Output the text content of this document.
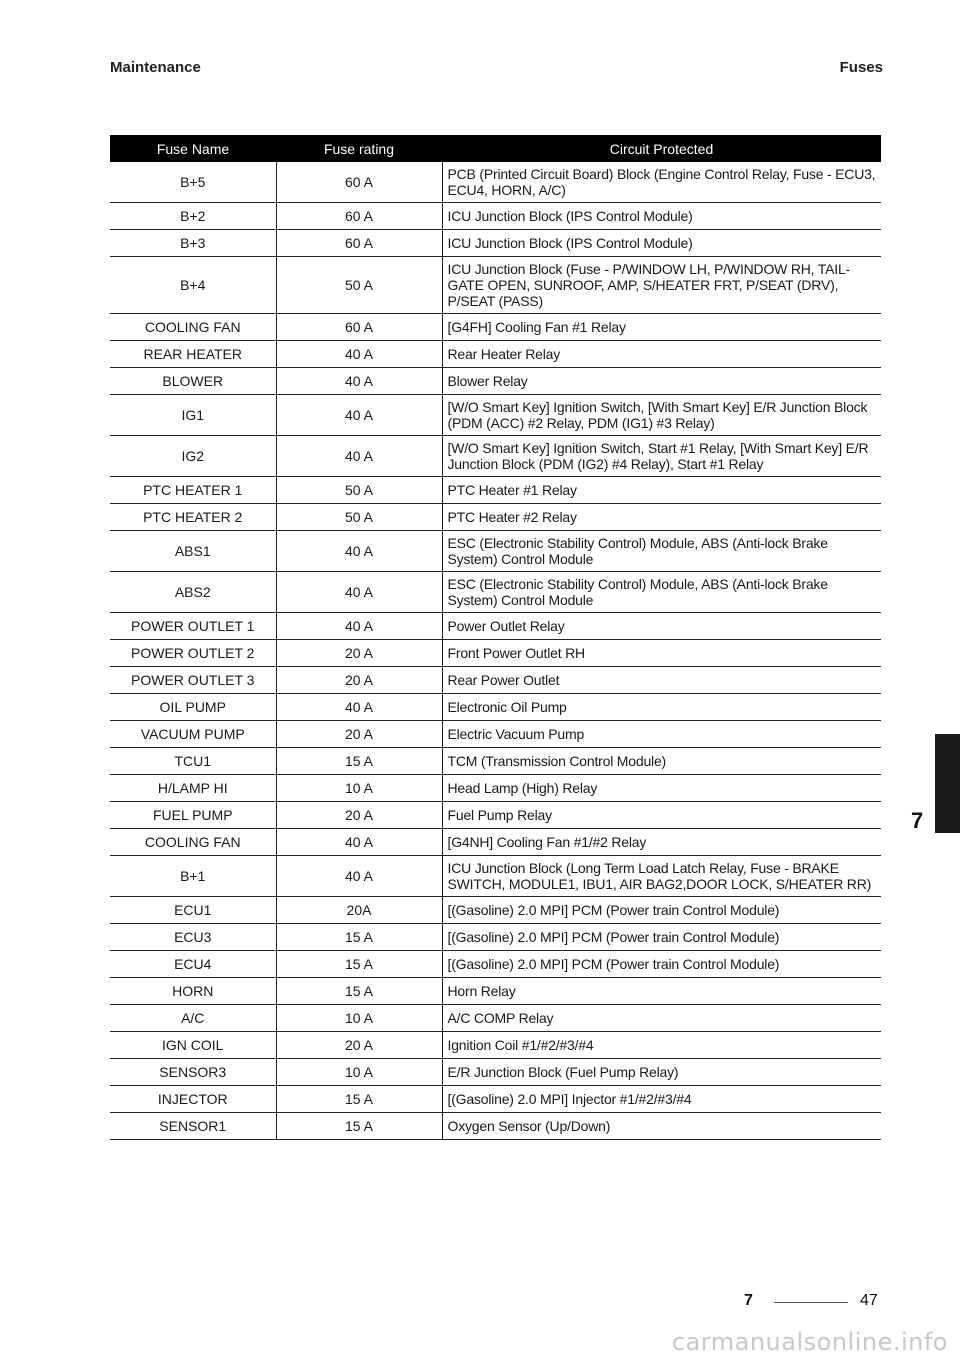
Maintenance	Fuses
Fuse Name	Fuse rating	Circuit Protected
B+5	60 A	PCB (Printed Circuit Board) Block (Engine Control Relay, Fuse - ECU3, ECU4, HORN, A/C)
B+2	60 A	ICU Junction Block (IPS Control Module)
B+3	60 A	ICU Junction Block (IPS Control Module)
B+4	50 A	ICU Junction Block (Fuse - P/WINDOW LH, P/WINDOW RH, TAIL-GATE OPEN, SUNROOF, AMP, S/HEATER FRT, P/SEAT (DRV), P/SEAT (PASS)
COOLING FAN	60 A	[G4FH] Cooling Fan #1 Relay
REAR HEATER	40 A	Rear Heater Relay
BLOWER	40 A	Blower Relay
IG1	40 A	[W/O Smart Key] Ignition Switch, [With Smart Key] E/R Junction Block (PDM (ACC) #2 Relay, PDM (IG1) #3 Relay)
IG2	40 A	[W/O Smart Key] Ignition Switch, Start #1 Relay, [With Smart Key] E/R Junction Block (PDM (IG2) #4 Relay), Start #1 Relay
PTC HEATER 1	50 A	PTC Heater #1 Relay
PTC HEATER 2	50 A	PTC Heater #2 Relay
ABS1	40 A	ESC (Electronic Stability Control) Module, ABS (Anti-lock Brake System) Control Module
ABS2	40 A	ESC (Electronic Stability Control) Module, ABS (Anti-lock Brake System) Control Module
POWER OUTLET 1	40 A	Power Outlet Relay
POWER OUTLET 2	20 A	Front Power Outlet RH
POWER OUTLET 3	20 A	Rear Power Outlet
OIL PUMP	40 A	Electronic Oil Pump
VACUUM PUMP	20 A	Electric Vacuum Pump
TCU1	15 A	TCM (Transmission Control Module)
H/LAMP HI	10 A	Head Lamp (High) Relay
FUEL PUMP	20 A	Fuel Pump Relay
COOLING FAN	40 A	[G4NH] Cooling Fan #1/#2 Relay
B+1	40 A	ICU Junction Block (Long Term Load Latch Relay, Fuse - BRAKE SWITCH, MODULE1, IBU1, AIR BAG2,DOOR LOCK, S/HEATER RR)
ECU1	20A	[(Gasoline) 2.0 MPI] PCM (Power train Control Module)
ECU3	15 A	[(Gasoline) 2.0 MPI] PCM (Power train Control Module)
ECU4	15 A	[(Gasoline) 2.0 MPI] PCM (Power train Control Module)
HORN	15 A	Horn Relay
A/C	10 A	A/C COMP Relay
IGN COIL	20 A	Ignition Coil #1/#2/#3/#4
SENSOR3	10 A	E/R Junction Block (Fuel Pump Relay)
INJECTOR	15 A	[(Gasoline) 2.0 MPI] Injector #1/#2/#3/#4
SENSOR1	15 A	Oxygen Sensor (Up/Down)
7
7	47
carmanualsonline.info
